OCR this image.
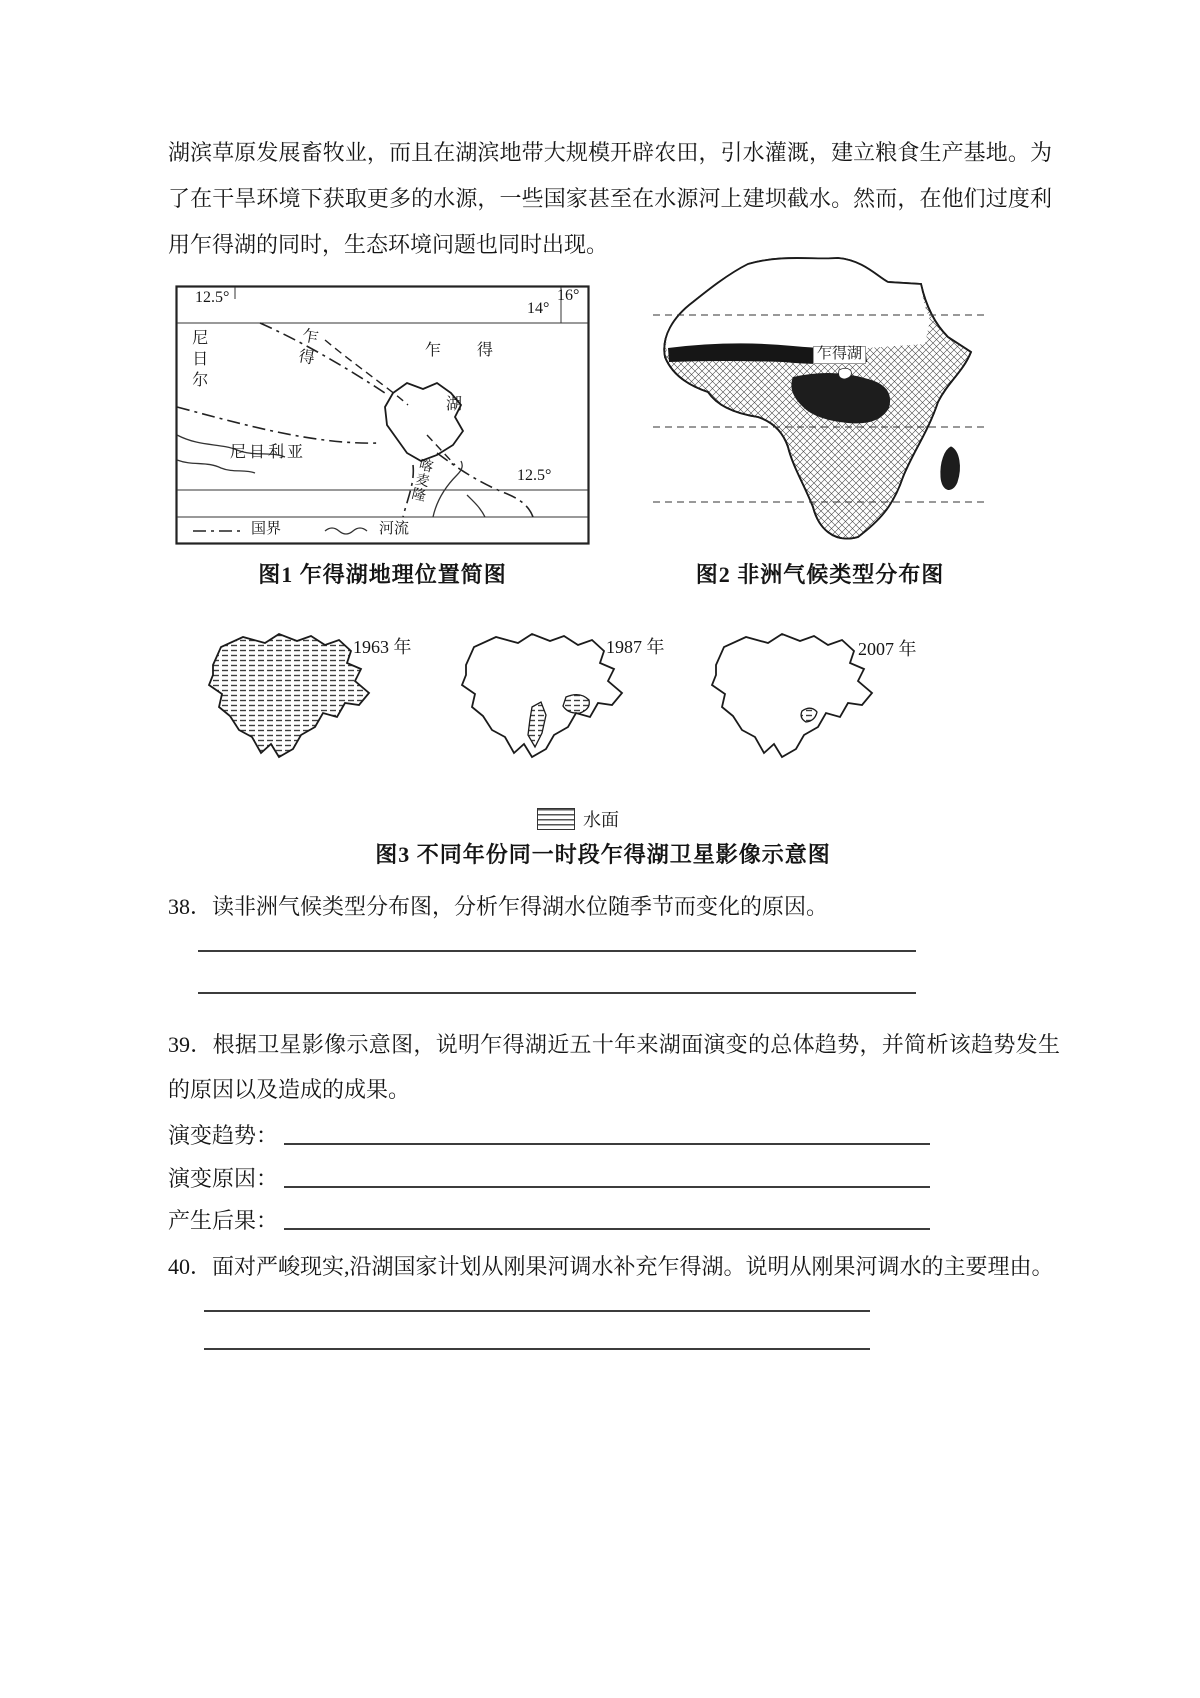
湖滨草原发展畜牧业，而且在湖滨地带大规模开辟农田，引水灌溉，建立粮食生产基地。为了在干旱环境下获取更多的水源，一些国家甚至在水源河上建坝截水。然而，在他们过度利用乍得湖的同时，生态环境问题也同时出现。
12.5°	16°
14°
12.5°
尼日尔	乍得	乍 得
湖
尼日利亚
喀麦隆
国界	河流
图1 乍得湖地理位置简图
乍得湖
图2 非洲气候类型分布图
1963 年	1987 年	2007 年
水面
图3 不同年份同一时段乍得湖卫星影像示意图
38．读非洲气候类型分布图，分析乍得湖水位随季节而变化的原因。
39．根据卫星影像示意图，说明乍得湖近五十年来湖面演变的总体趋势，并简析该趋势发生的原因以及造成的成果。
演变趋势：
演变原因：
产生后果：
40．面对严峻现实,沿湖国家计划从刚果河调水补充乍得湖。说明从刚果河调水的主要理由。
